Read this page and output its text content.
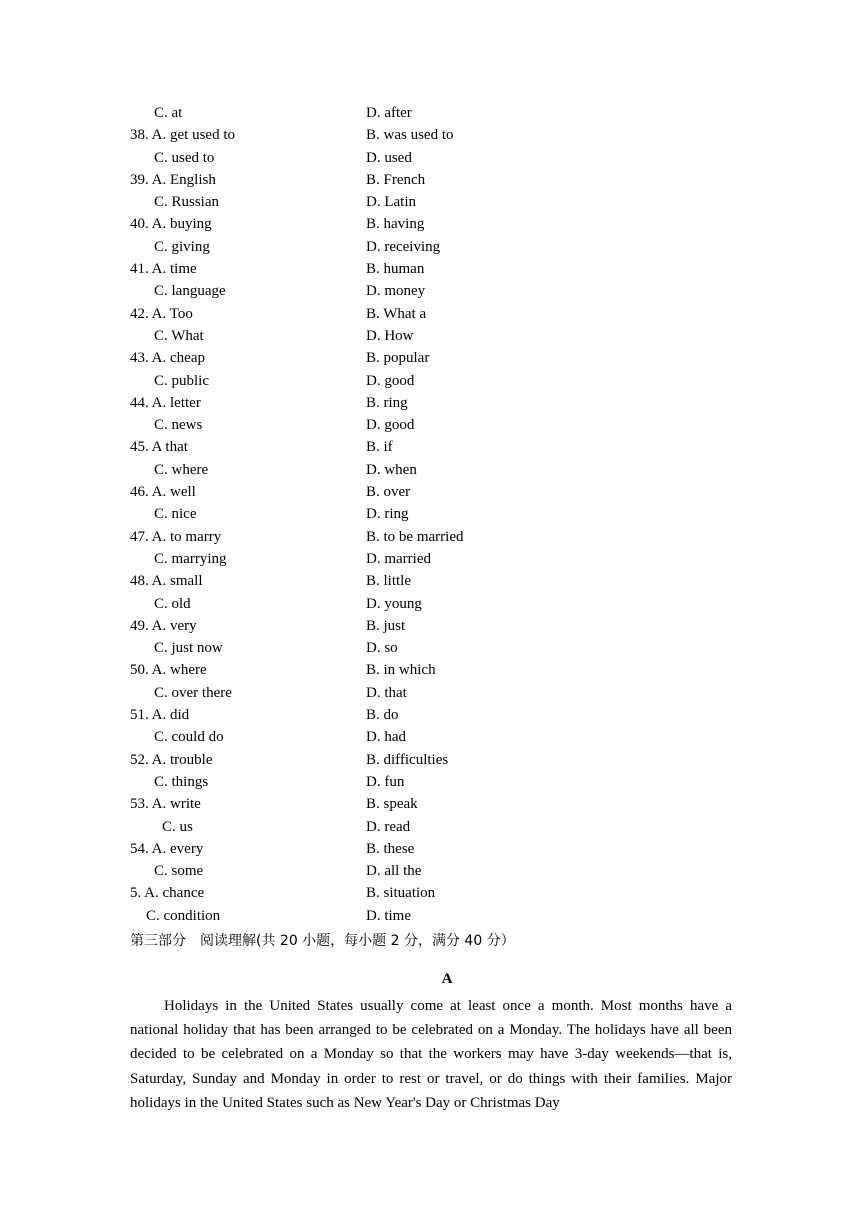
C. at	D. after
38. A. get used to	B. was used to
C. used to	D. used
39. A. English	B. French
C. Russian	D. Latin
40. A. buying	B. having
C. giving	D. receiving
41. A. time	B. human
C. language	D. money
42. A. Too	B. What a
C. What	D. How
43. A. cheap	B. popular
C. public	D. good
44. A. letter	B. ring
C. news	D. good
45. A that	B. if
C. where	D. when
46. A. well	B. over
C. nice	D. ring
47. A. to marry	B. to be married
C. marrying	D. married
48. A. small	B. little
C. old	D. young
49. A. very	B. just
C. just now	D. so
50. A. where	B. in which
C. over there	D. that
51. A. did	B. do
C. could do	D. had
52. A. trouble	B. difficulties
C. things	D. fun
53. A. write	B. speak
C. us	D. read
54. A. every	B. these
C. some	D. all the
5. A. chance	B. situation
C. condition	D. time
第三部分　阅读理解(共 20 小题，每小题 2 分，满分 40 分）
A
Holidays in the United States usually come at least once a month. Most months have a national holiday that has been arranged to be celebrated on a Monday. The holidays have all been decided to be celebrated on a Monday so that the workers may have 3-day weekends—that is, Saturday, Sunday and Monday in order to rest or travel, or do things with their families. Major holidays in the United States such as New Year's Day or Christmas Day
